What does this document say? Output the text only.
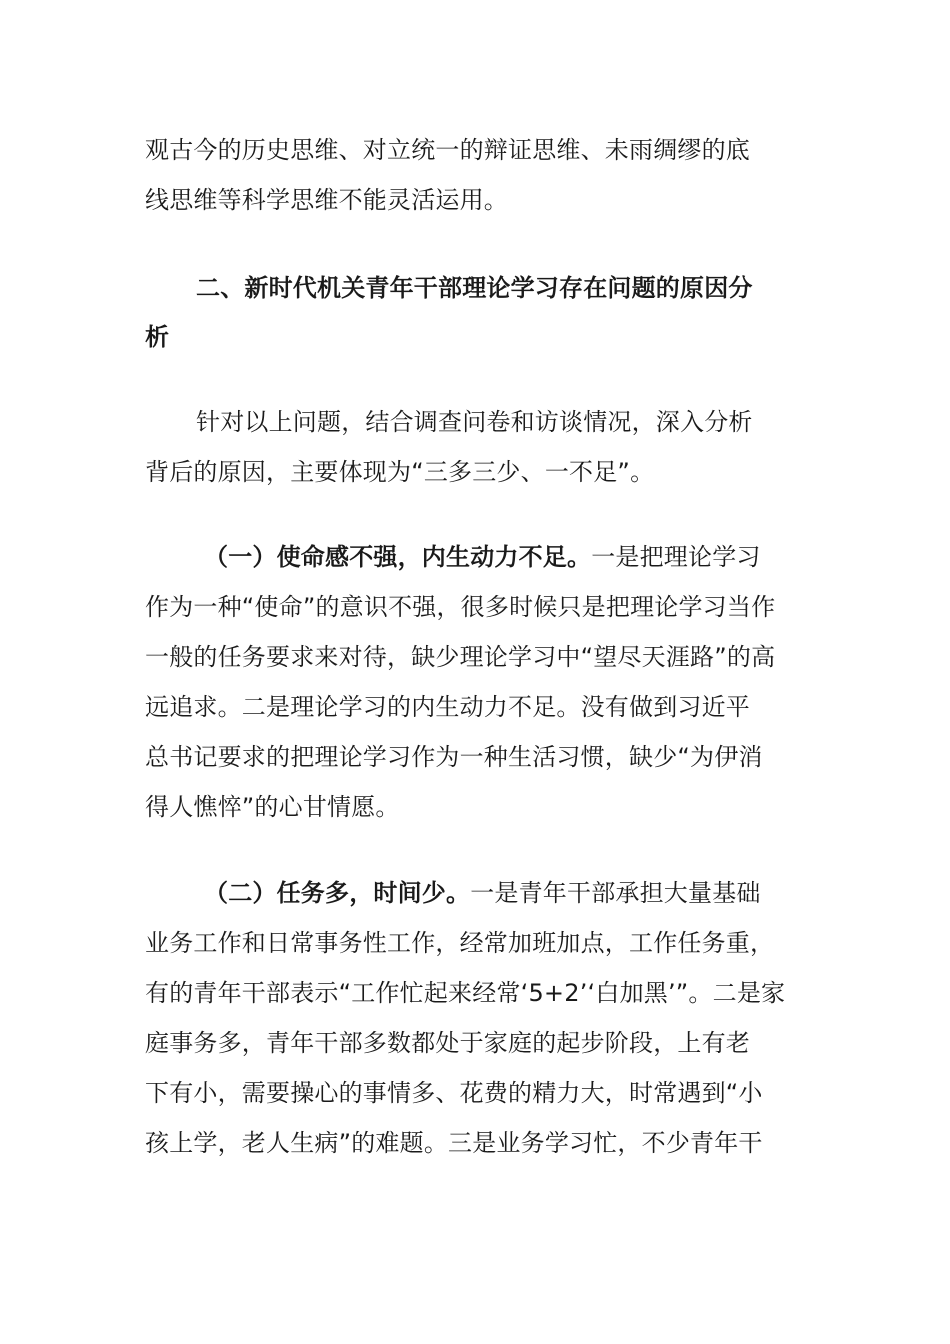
观古今的历史思维、对立统一的辩证思维、未雨绸缪的底
线思维等科学思维不能灵活运用。
二、新时代机关青年干部理论学习存在问题的原因分
析
针对以上问题，结合调查问卷和访谈情况，深入分析
背后的原因，主要体现为“三多三少、一不足”。
（一）使命感不强，内生动力不足。一是把理论学习
作为一种“使命”的意识不强，很多时候只是把理论学习当作
一般的任务要求来对待，缺少理论学习中“望尽天涯路”的高
远追求。二是理论学习的内生动力不足。没有做到习近平
总书记要求的把理论学习作为一种生活习惯，缺少“为伊消
得人憔悴”的心甘情愿。
（二）任务多，时间少。一是青年干部承担大量基础
业务工作和日常事务性工作，经常加班加点，工作任务重，
有的青年干部表示“工作忙起来经常‘5+2’‘白加黑’”。二是家
庭事务多，青年干部多数都处于家庭的起步阶段，上有老
下有小，需要操心的事情多、花费的精力大，时常遇到“小
孩上学，老人生病”的难题。三是业务学习忙，不少青年干
